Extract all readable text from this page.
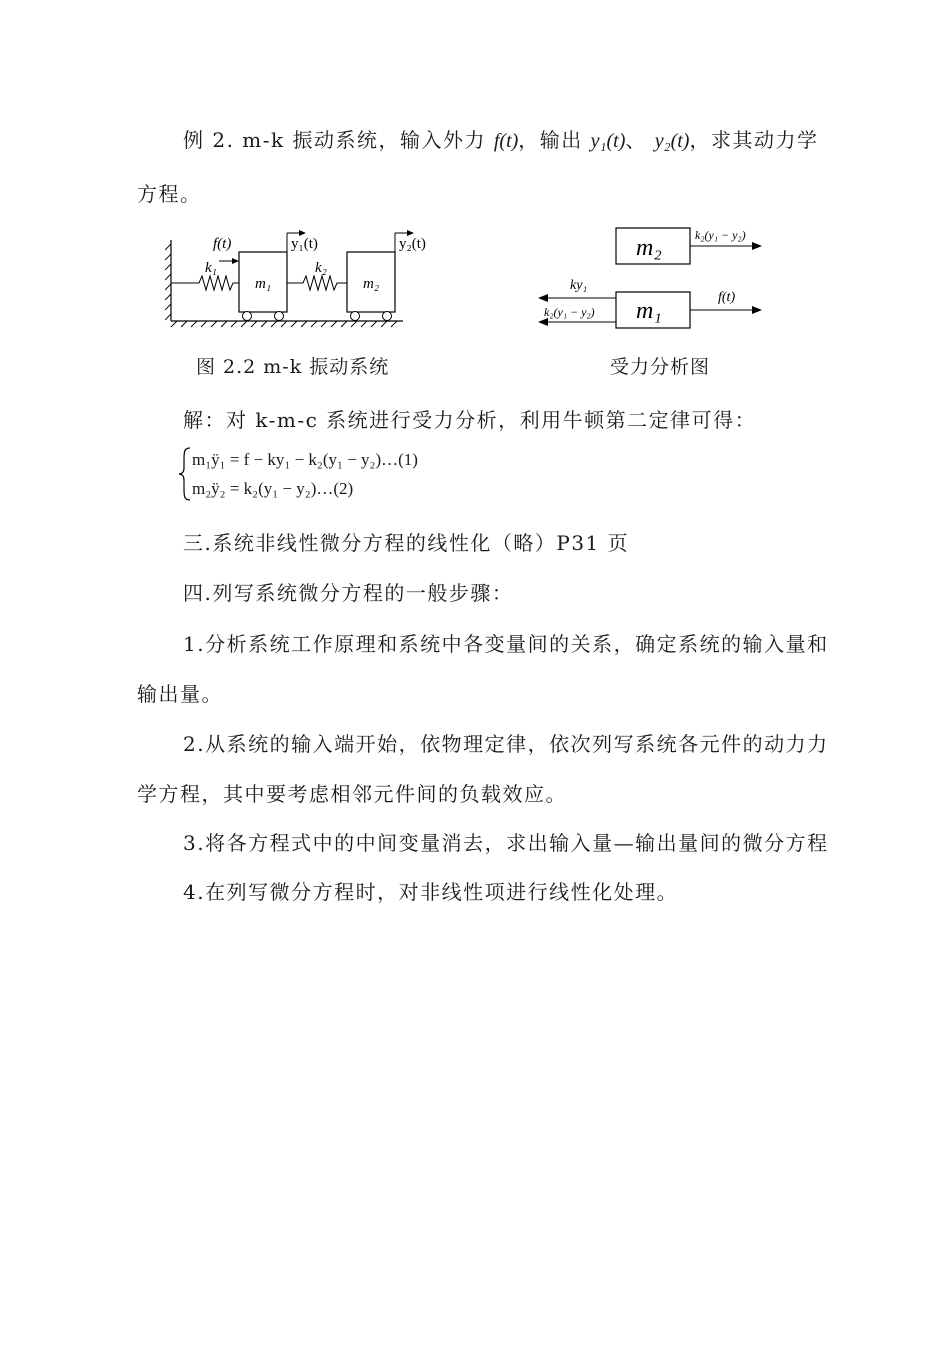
例 2. m-k 振动系统，输入外力 f(t)，输出 y₁(t)、 y₂(t)，求其动力学
方程。
f(t)
k₁
m₁
k₂
m₂
y₁(t)	y₂(t)	m₂	k₂(y₁ − y₂)
m₁
ky₁
k₂(y₁ − y₂)
f(t)
图 2.2 m-k 振动系统	受力分析图
解：对 k-m-c 系统进行受力分析，利用牛顿第二定律可得：
m₁ÿ₁ = f − ky₁ − k₂(y₁ − y₂)…(1)
m₂ÿ₂ = k₂(y₁ − y₂)…(2)
三.系统非线性微分方程的线性化（略）P31 页
四.列写系统微分方程的一般步骤：
1.分析系统工作原理和系统中各变量间的关系，确定系统的输入量和
输出量。
2.从系统的输入端开始，依物理定律，依次列写系统各元件的动力力
学方程，其中要考虑相邻元件间的负载效应。
3.将各方程式中的中间变量消去，求出输入量—输出量间的微分方程
4.在列写微分方程时，对非线性项进行线性化处理。
